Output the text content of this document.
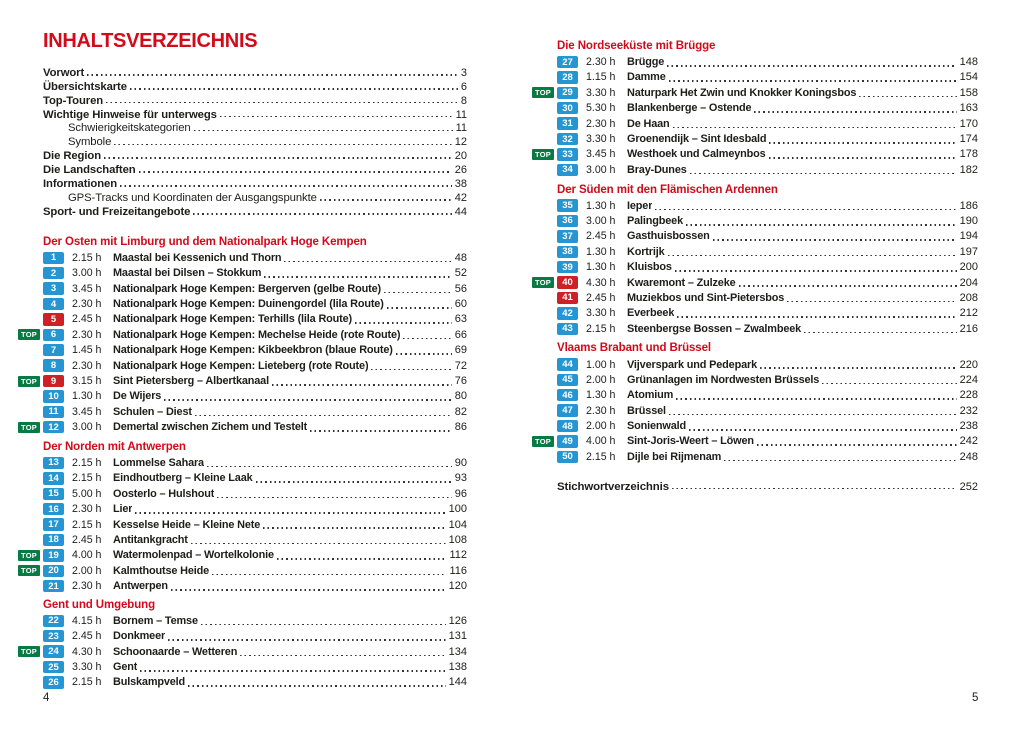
INHALTSVERZEICHNIS
Vorwort	3
Übersichtskarte	6
Top-Touren	8
Wichtige Hinweise für unterwegs	11
Schwierigkeitskategorien	11
Symbole	12
Die Region	20
Die Landschaften	26
Informationen	38
GPS-Tracks und Koordinaten der Ausgangspunkte	42
Sport- und Freizeitangebote	44
Der Osten mit Limburg und dem Nationalpark Hoge Kempen
1	2.15 h	Maastal bei Kessenich und Thorn	48
2	3.00 h	Maastal bei Dilsen – Stokkum	52
3	3.45 h	Nationalpark Hoge Kempen: Bergerven (gelbe Route)	56
4	2.30 h	Nationalpark Hoge Kempen: Duinengordel (lila Route)	60
5	2.45 h	Nationalpark Hoge Kempen: Terhills (lila Route)	63
TOP	6	2.30 h	Nationalpark Hoge Kempen: Mechelse Heide (rote Route)	66
7	1.45 h	Nationalpark Hoge Kempen: Kikbeekbron (blaue Route)	69
8	2.30 h	Nationalpark Hoge Kempen: Lieteberg (rote Route)	72
TOP	9	3.15 h	Sint Pietersberg – Albertkanaal	76
10	1.30 h	De Wijers	80
11	3.45 h	Schulen – Diest	82
TOP	12	3.00 h	Demertal zwischen Zichem und Testelt	86
Der Norden mit Antwerpen
13	2.15 h	Lommelse Sahara	90
14	2.15 h	Eindhoutberg – Kleine Laak	93
15	5.00 h	Oosterlo – Hulshout	96
16	2.30 h	Lier	100
17	2.15 h	Kesselse Heide – Kleine Nete	104
18	2.45 h	Antitankgracht	108
TOP	19	4.00 h	Watermolenpad – Wortelkolonie	112
TOP	20	2.00 h	Kalmthoutse Heide	116
21	2.30 h	Antwerpen	120
Gent und Umgebung
22	4.15 h	Bornem – Temse	126
23	2.45 h	Donkmeer	131
TOP	24	4.30 h	Schoonaarde – Wetteren	134
25	3.30 h	Gent	138
26	2.15 h	Bulskampveld	144
Die Nordseeküste mit Brügge
27	2.30 h	Brügge	148
28	1.15 h	Damme	154
TOP	29	3.30 h	Naturpark Het Zwin und Knokker Koningsbos	158
30	5.30 h	Blankenberge – Ostende	163
31	2.30 h	De Haan	170
32	3.30 h	Groenendijk – Sint Idesbald	174
TOP	33	3.45 h	Westhoek und Calmeynbos	178
34	3.00 h	Bray-Dunes	182
Der Süden mit den Flämischen Ardennen
35	1.30 h	Ieper	186
36	3.00 h	Palingbeek	190
37	2.45 h	Gasthuisbossen	194
38	1.30 h	Kortrijk	197
39	1.30 h	Kluisbos	200
TOP	40	4.30 h	Kwaremont – Zulzeke	204
41	2.45 h	Muziekbos und Sint-Pietersbos	208
42	3.30 h	Everbeek	212
43	2.15 h	Steenbergse Bossen – Zwalmbeek	216
Vlaams Brabant und Brüssel
44	1.00 h	Vijverspark und Pedepark	220
45	2.00 h	Grünanlagen im Nordwesten Brüssels	224
46	1.30 h	Atomium	228
47	2.30 h	Brüssel	232
48	2.00 h	Sonienwald	238
TOP	49	4.00 h	Sint-Joris-Weert – Löwen	242
50	2.15 h	Dijle bei Rijmenam	248
Stichwortverzeichnis	252
4	5
